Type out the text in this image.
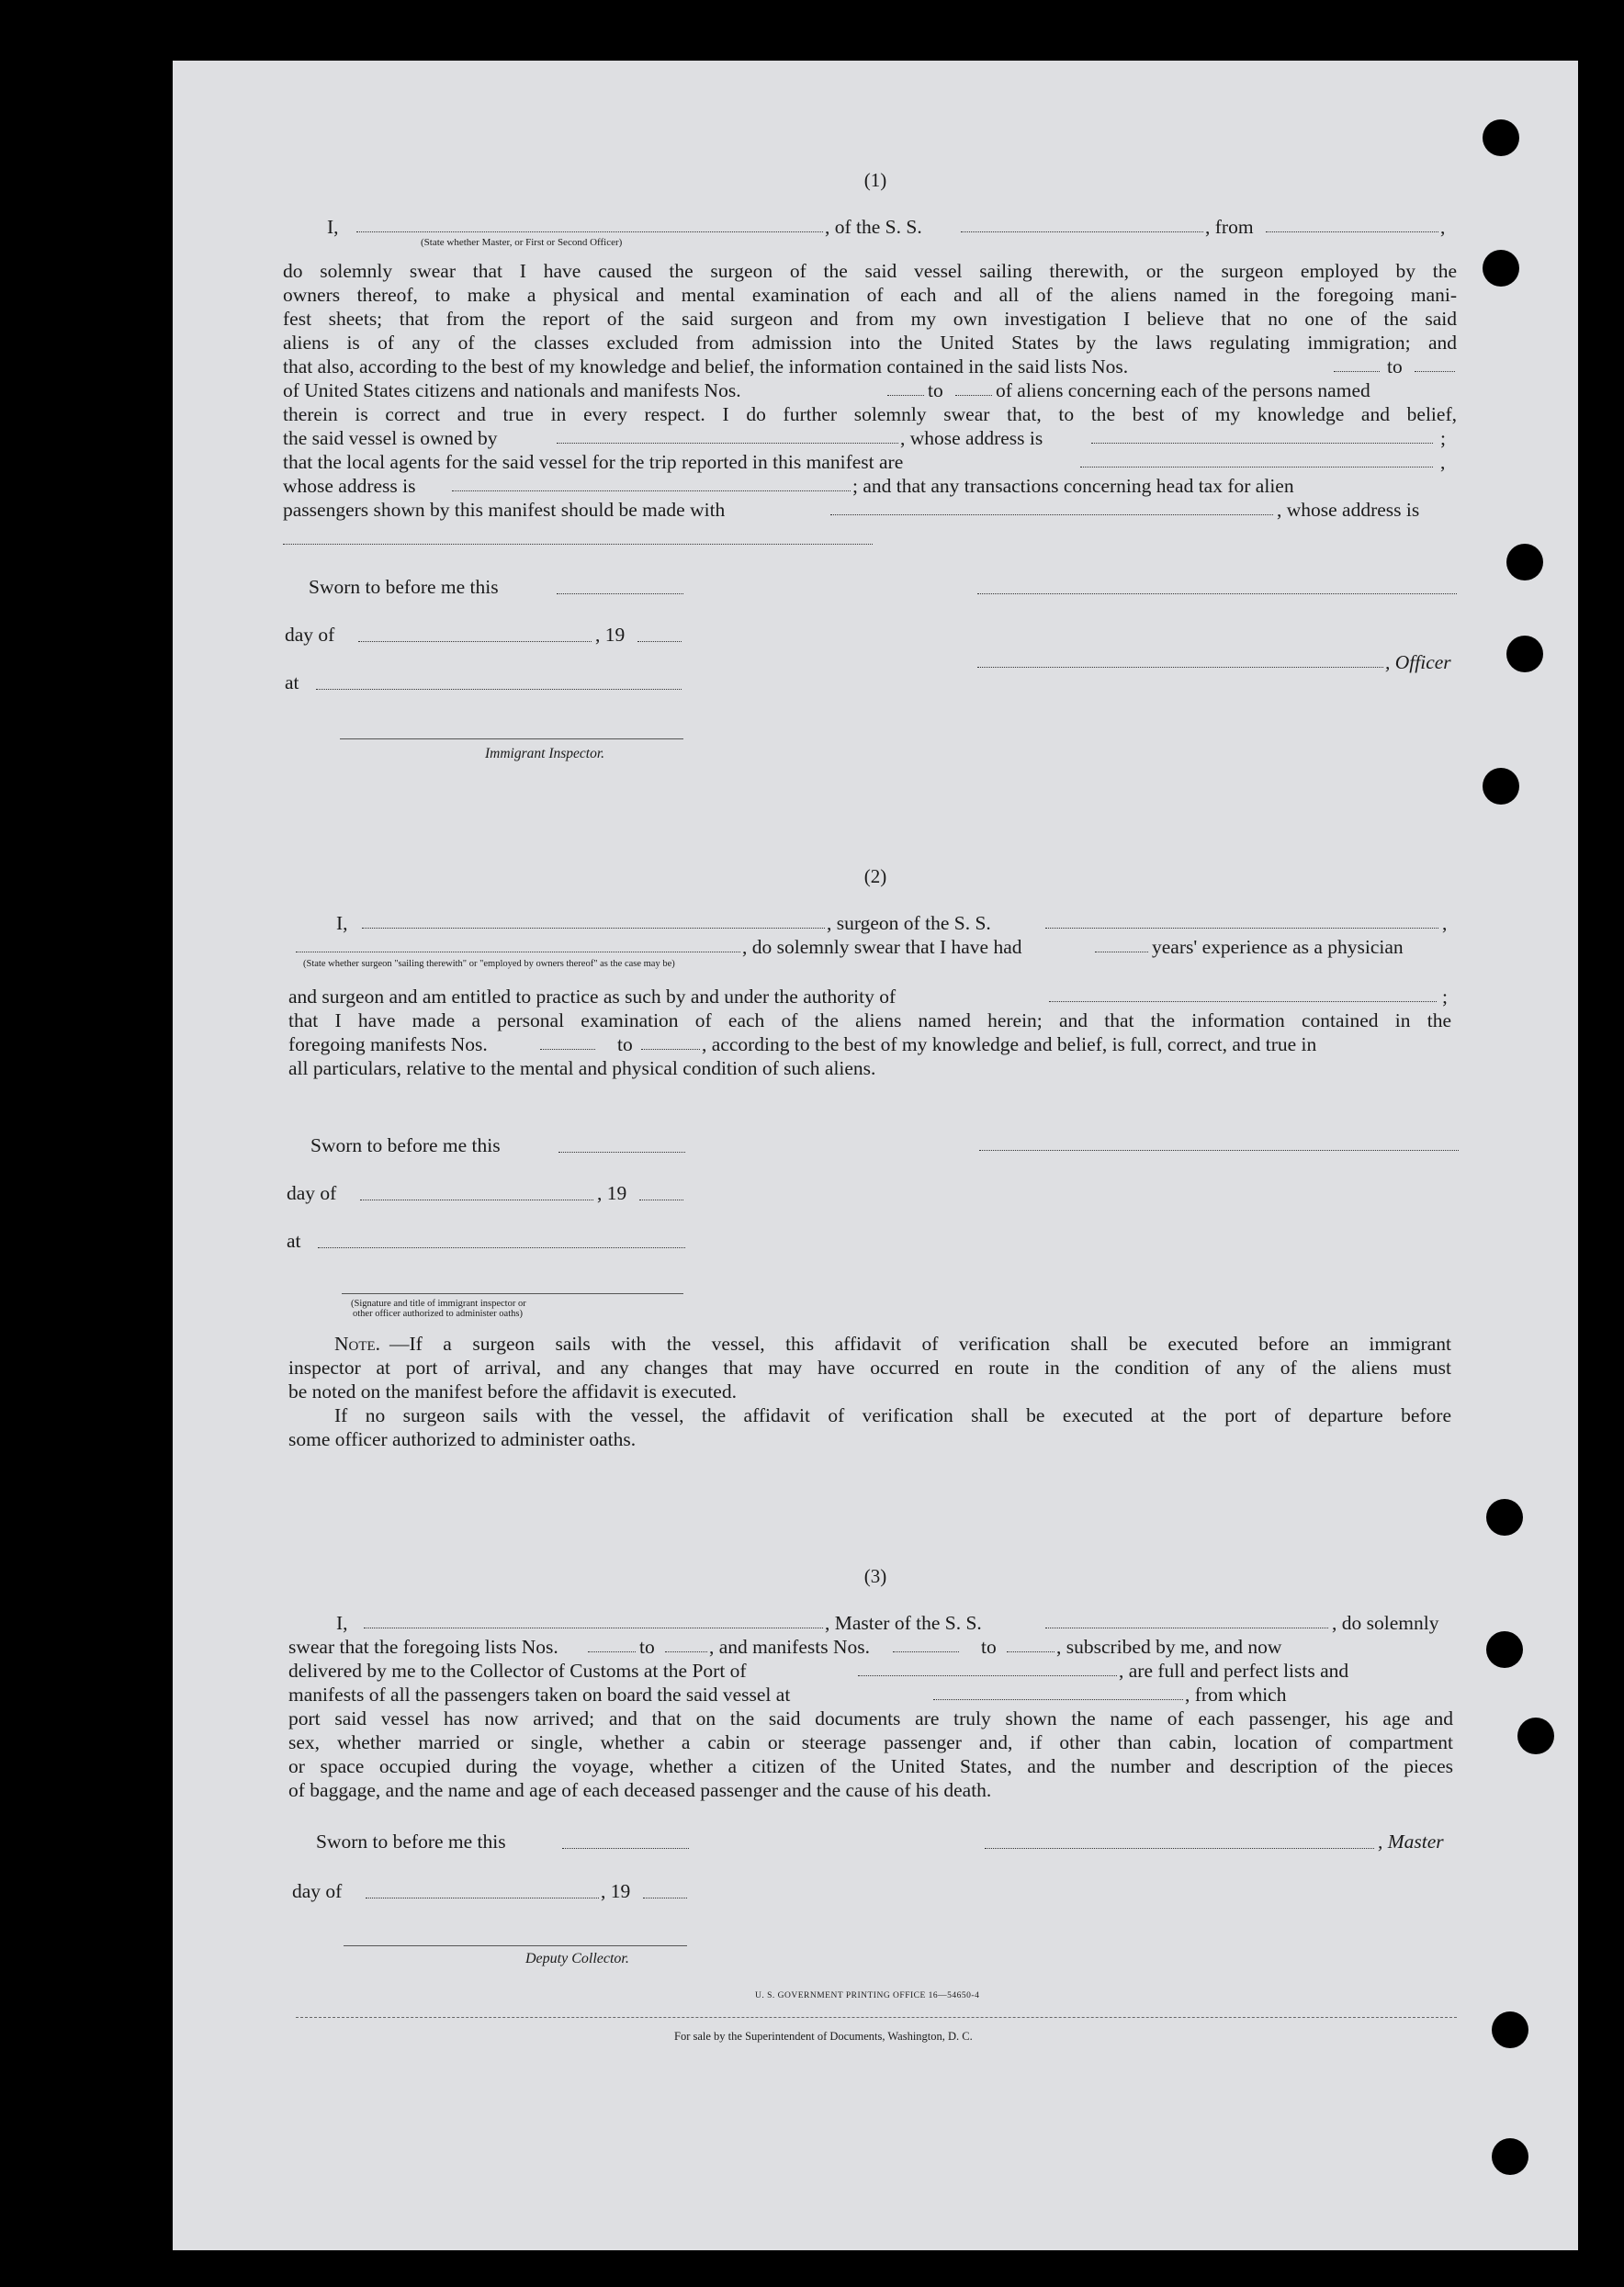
(1)
I,	, of the S. S.	, from	,
(State whether Master, or First or Second Officer)
do solemnly swear that I have caused the surgeon of the said vessel sailing therewith, or the surgeon employed by the
owners thereof, to make a physical and mental examination of each and all of the aliens named in the foregoing mani-
fest sheets; that from the report of the said surgeon and from my own investigation I believe that no one of the said
aliens is of any of the classes excluded from admission into the United States by the laws regulating immigration; and
that also, according to the best of my knowledge and belief, the information contained in the said lists Nos.	to
of United States citizens and nationals and manifests Nos.	to	of aliens concerning each of the persons named
therein is correct and true in every respect. I do further solemnly swear that, to the best of my knowledge and belief,
the said vessel is owned by	, whose address is	;
that the local agents for the said vessel for the trip reported in this manifest are	,
whose address is	; and that any transactions concerning head tax for alien
passengers shown by this manifest should be made with	, whose address is
Sworn to before me this
day of	, 19
, Officer
at
Immigrant Inspector.
(2)
I,	, surgeon of the S. S.	,
, do solemnly swear that I have had	years' experience as a physician
(State whether surgeon "sailing therewith" or "employed by owners thereof" as the case may be)
and surgeon and am entitled to practice as such by and under the authority of	;
that I have made a personal examination of each of the aliens named herein; and that the information contained in the
foregoing manifests Nos.	to	, according to the best of my knowledge and belief, is full, correct, and true in
all particulars, relative to the mental and physical condition of such aliens.
Sworn to before me this
day of	, 19
at
(Signature and title of immigrant inspector or
other officer authorized to administer oaths)
Note. —If a surgeon sails with the vessel, this affidavit of verification shall be executed before an immigrant
inspector at port of arrival, and any changes that may have occurred en route in the condition of any of the aliens must
be noted on the manifest before the affidavit is executed.
If no surgeon sails with the vessel, the affidavit of verification shall be executed at the port of departure before
some officer authorized to administer oaths.
(3)
I,	, Master of the S. S.	, do solemnly
swear that the foregoing lists Nos.	to	, and manifests Nos.	to	, subscribed by me, and now
delivered by me to the Collector of Customs at the Port of	, are full and perfect lists and
manifests of all the passengers taken on board the said vessel at	, from which
port said vessel has now arrived; and that on the said documents are truly shown the name of each passenger, his age and
sex, whether married or single, whether a cabin or steerage passenger and, if other than cabin, location of compartment
or space occupied during the voyage, whether a citizen of the United States, and the number and description of the pieces
of baggage, and the name and age of each deceased passenger and the cause of his death.
Sworn to before me this	, Master
day of	, 19
Deputy Collector.
U. S. GOVERNMENT PRINTING OFFICE 16—54650-4
For sale by the Superintendent of Documents, Washington, D. C.
